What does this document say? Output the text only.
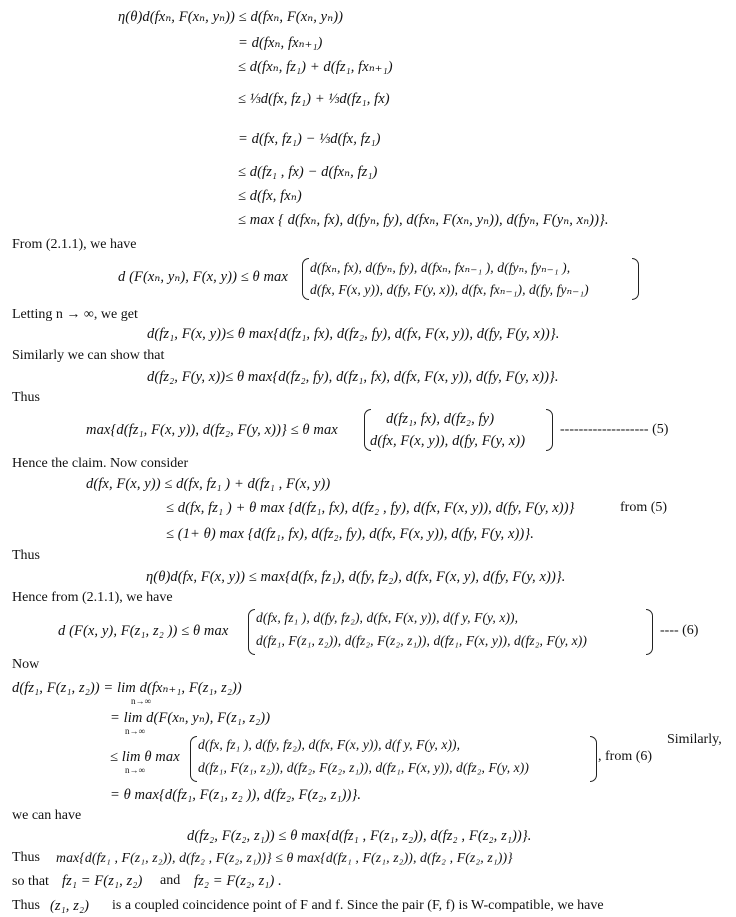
η(θ)d(fxₙ, F(xₙ, yₙ)) ≤ d(fxₙ, F(xₙ, yₙ))
= d(fxₙ, fxₙ₊₁)
≤ d(fxₙ, fz₁) + d(fz₁, fxₙ₊₁)
≤ ⅓d(fx, fz₁) + ⅓d(fz₁, fx)
= d(fx, fz₁) − ⅓d(fx, fz₁)
≤ d(fz₁ , fx) − d(fxₙ, fz₁)
≤ d(fx, fxₙ)
≤ max { d(fxₙ, fx), d(fyₙ, fy), d(fxₙ, F(xₙ, yₙ)), d(fyₙ, F(yₙ, xₙ))}.
From (2.1.1), we have
d (F(xₙ, yₙ), F(x, y)) ≤ θ max
d(fxₙ, fx), d(fyₙ, fy), d(fxₙ, fxₙ₋₁ ), d(fyₙ, fyₙ₋₁ ),
d(fx, F(x, y)), d(fy, F(y, x)), d(fx, fxₙ₋₁), d(fy, fyₙ₋₁)
Letting n → ∞, we get
d(fz₁, F(x, y))≤ θ max{d(fz₁, fx), d(fz₂, fy), d(fx, F(x, y)), d(fy, F(y, x))}.
Similarly we can show that
d(fz₂, F(y, x))≤ θ max{d(fz₂, fy), d(fz₁, fx), d(fx, F(x, y)), d(fy, F(y, x))}.
Thus
max{d(fz₁, F(x, y)), d(fz₂, F(y, x))} ≤ θ max
d(fz₁, fx), d(fz₂, fy)
d(fx, F(x, y)), d(fy, F(y, x))
------------------- (5)
Hence the claim. Now consider
d(fx, F(x, y)) ≤ d(fx, fz₁ ) + d(fz₁ , F(x, y))
≤ d(fx, fz₁ ) + θ max {d(fz₁, fx), d(fz₂ , fy), d(fx, F(x, y)), d(fy, F(y, x))}	from (5)
≤ (1+ θ) max {d(fz₁, fx), d(fz₂, fy), d(fx, F(x, y)), d(fy, F(y, x))}.
Thus
η(θ)d(fx, F(x, y)) ≤ max{d(fx, fz₁), d(fy, fz₂), d(fx, F(x, y), d(fy, F(y, x))}.
Hence from (2.1.1), we have
d (F(x, y), F(z₁, z₂ )) ≤ θ max
d(fx, fz₁ ), d(fy, fz₂), d(fx, F(x, y)), d(f y, F(y, x)),
d(fz₁, F(z₁, z₂)), d(fz₂, F(z₂, z₁)), d(fz₁, F(x, y)), d(fz₂, F(y, x))
---- (6)
Now
d(fz₁, F(z₁, z₂)) = lim d(fxₙ₊₁, F(z₁, z₂))
n→∞
= lim d(F(xₙ, yₙ), F(z₁, z₂))
n→∞
≤ lim θ max
n→∞
d(fx, fz₁ ), d(fy, fz₂), d(fx, F(x, y)), d(f y, F(y, x)),
d(fz₁, F(z₁, z₂)), d(fz₂, F(z₂, z₁)), d(fz₁, F(x, y)), d(fz₂, F(y, x))
, from (6)
Similarly,
= θ max{d(fz₁, F(z₁, z₂ )), d(fz₂, F(z₂, z₁))}.
we can have
d(fz₂, F(z₂, z₁)) ≤ θ max{d(fz₁ , F(z₁, z₂)), d(fz₂ , F(z₂, z₁))}.
Thus max{d(fz₁ , F(z₁, z₂)), d(fz₂ , F(z₂, z₁))} ≤ θ max{d(fz₁ , F(z₁, z₂)), d(fz₂ , F(z₂, z₁))}
so that fz₁ = F(z₁, z₂) and fz₂ = F(z₂, z₁) .
Thus (z₁, z₂) is a coupled coincidence point of F and f. Since the pair (F, f) is W-compatible, we have
